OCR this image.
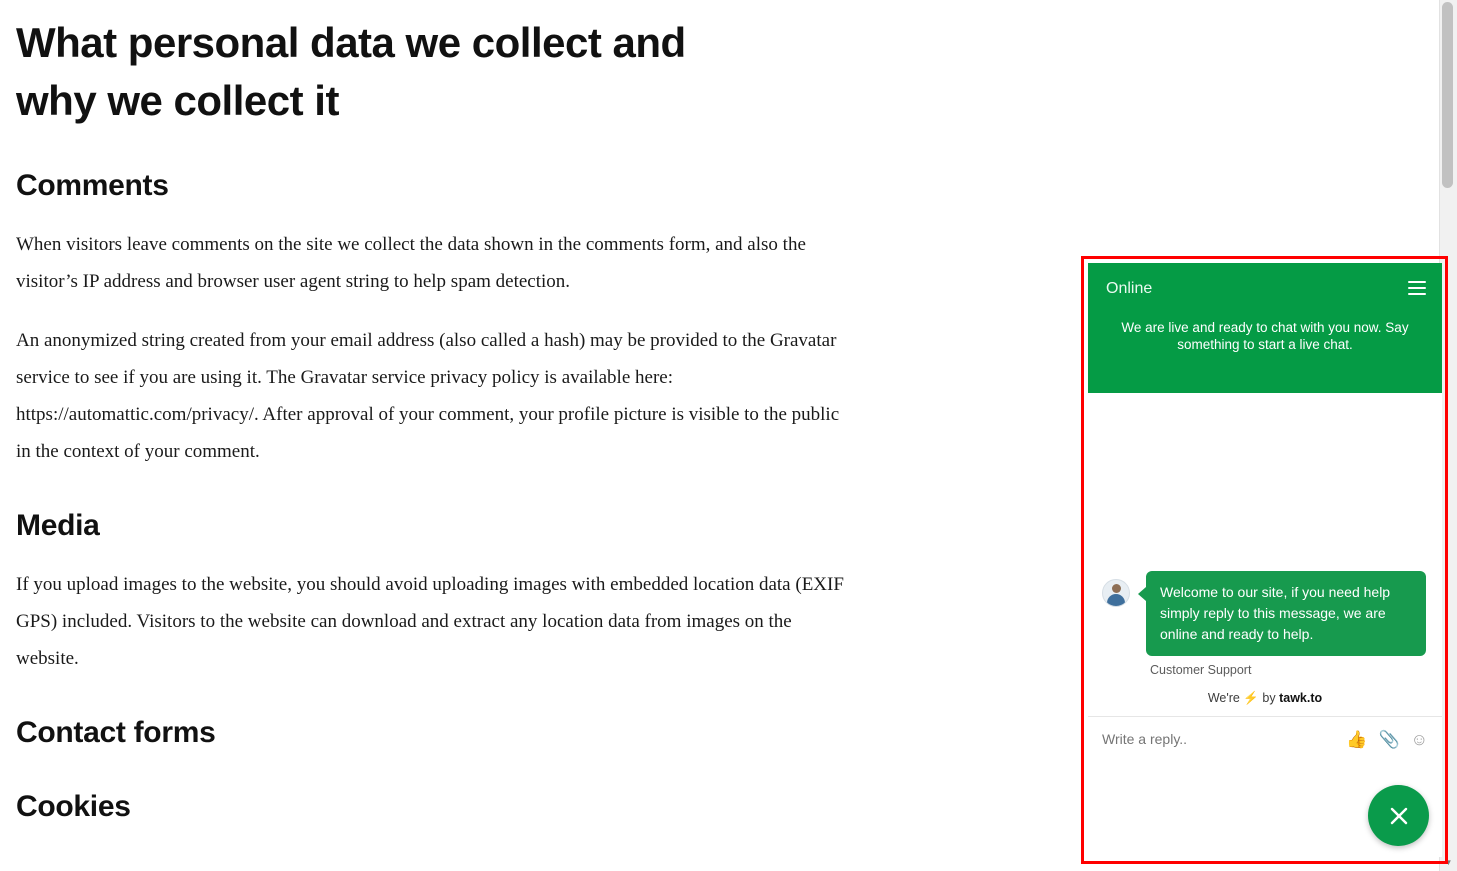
What personal data we collect and why we collect it
Comments

When visitors leave comments on the site we collect the data shown in the comments form, and also the visitor’s IP address and browser user agent string to help spam detection.

An anonymized string created from your email address (also called a hash) may be provided to the Gravatar service to see if you are using it. The Gravatar service privacy policy is available here: https://automattic.com/privacy/. After approval of your comment, your profile picture is visible to the public in the context of your comment.

Media

If you upload images to the website, you should avoid uploading images with embedded location data (EXIF GPS) included. Visitors to the website can download and extract any location data from images on the website.

Contact forms
Cookies
▼
Online
We are live and ready to chat with you now. Say something to start a live chat.
Welcome to our site, if you need help simply reply to this message, we are online and ready to help.
Customer Support
We're ⚡ by tawk.to
Write a reply..
👍 📎 ☺
